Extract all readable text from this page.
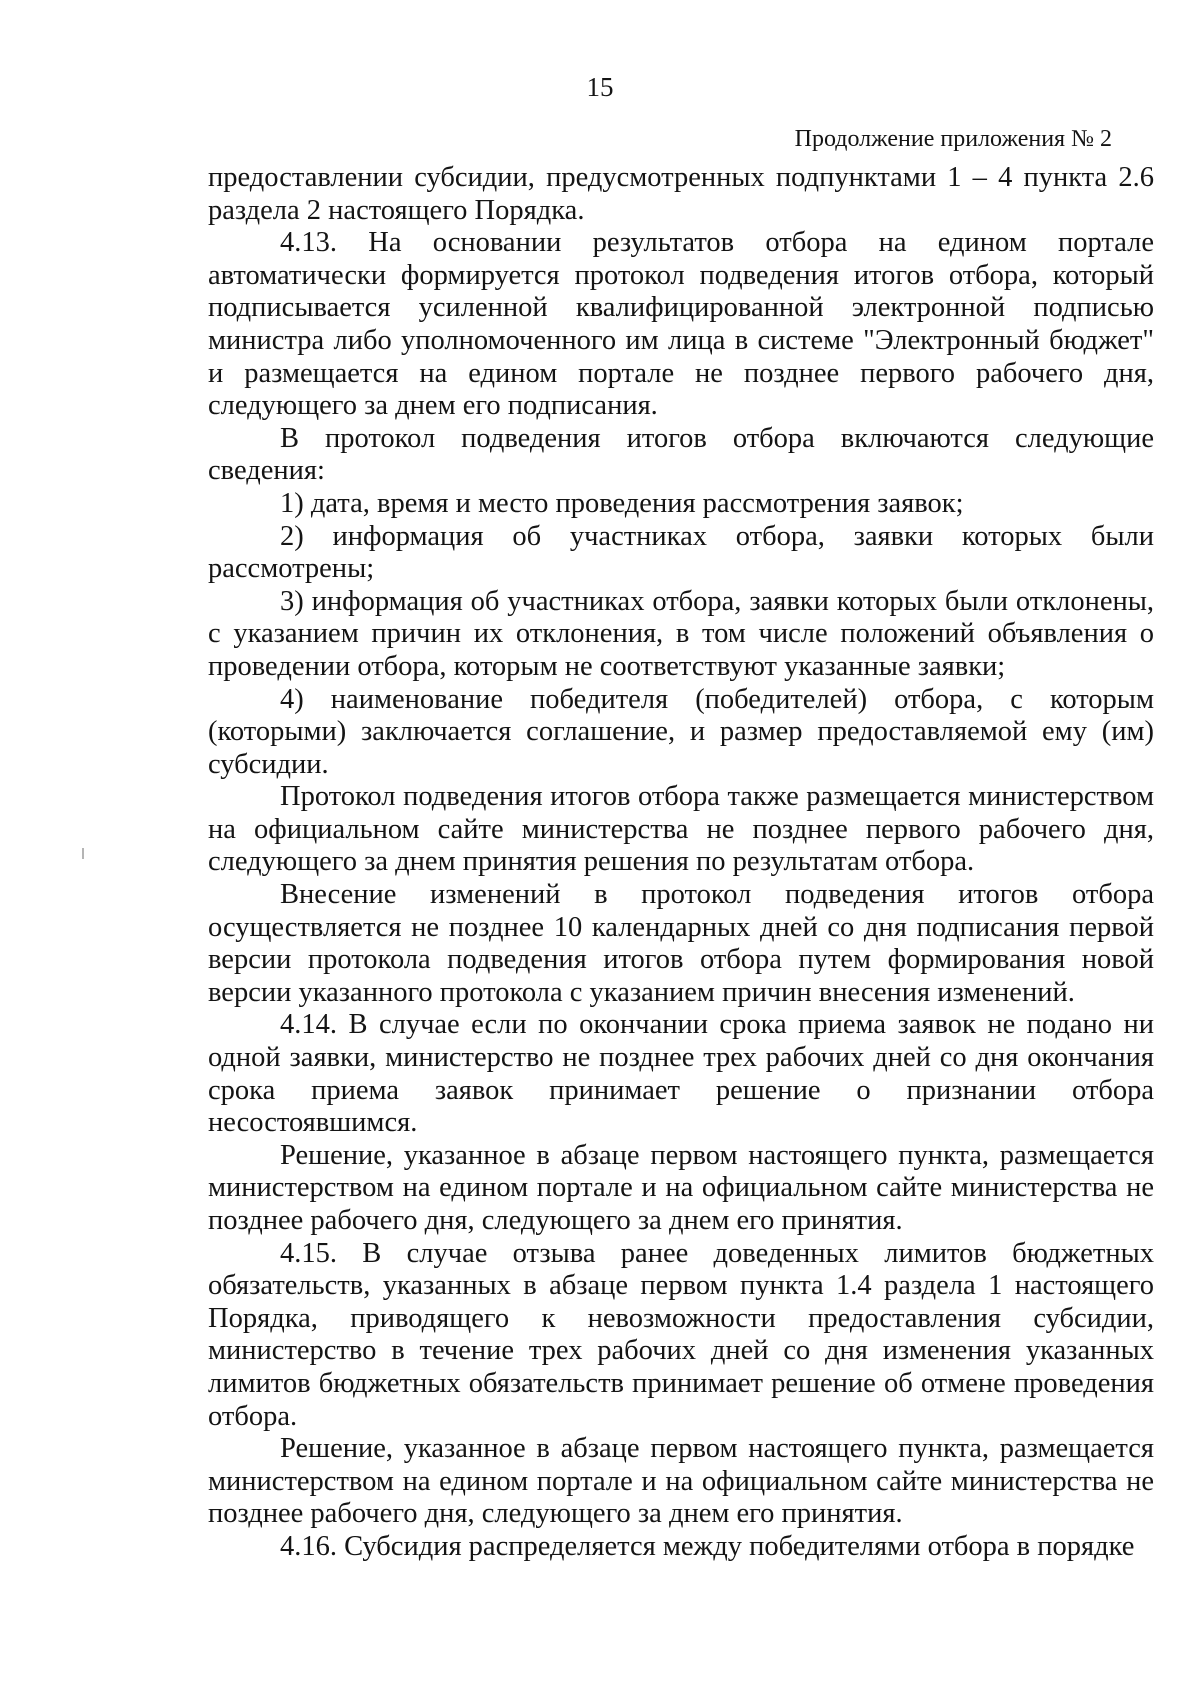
15
Продолжение приложения № 2

предоставлении субсидии, предусмотренных подпунктами 1 – 4 пункта 2.6 раздела 2 настоящего Порядка.

4.13. На основании результатов отбора на едином портале автоматически формируется протокол подведения итогов отбора, который подписывается усиленной квалифицированной электронной подписью министра либо уполномоченного им лица в системе "Электронный бюджет" и размещается на едином портале не позднее первого рабочего дня, следующего за днем его подписания.

В протокол подведения итогов отбора включаются следующие сведения:

1) дата, время и место проведения рассмотрения заявок;

2) информация об участниках отбора, заявки которых были рассмотрены;

3) информация об участниках отбора, заявки которых были отклонены, с указанием причин их отклонения, в том числе положений объявления о проведении отбора, которым не соответствуют указанные заявки;

4) наименование победителя (победителей) отбора, с которым (которыми) заключается соглашение, и размер предоставляемой ему (им) субсидии.

Протокол подведения итогов отбора также размещается министерством на официальном сайте министерства не позднее первого рабочего дня, следующего за днем принятия решения по результатам отбора.

Внесение изменений в протокол подведения итогов отбора осуществляется не позднее 10 календарных дней со дня подписания первой версии протокола подведения итогов отбора путем формирования новой версии указанного протокола с указанием причин внесения изменений.

4.14. В случае если по окончании срока приема заявок не подано ни одной заявки, министерство не позднее трех рабочих дней со дня окончания срока приема заявок принимает решение о признании отбора несостоявшимся.

Решение, указанное в абзаце первом настоящего пункта, размещается министерством на едином портале и на официальном сайте министерства не позднее рабочего дня, следующего за днем его принятия.

4.15. В случае отзыва ранее доведенных лимитов бюджетных обязательств, указанных в абзаце первом пункта 1.4 раздела 1 настоящего Порядка, приводящего к невозможности предоставления субсидии, министерство в течение трех рабочих дней со дня изменения указанных лимитов бюджетных обязательств принимает решение об отмене проведения отбора.

Решение, указанное в абзаце первом настоящего пункта, размещается министерством на едином портале и на официальном сайте министерства не позднее рабочего дня, следующего за днем его принятия.

4.16. Субсидия распределяется между победителями отбора в порядке
